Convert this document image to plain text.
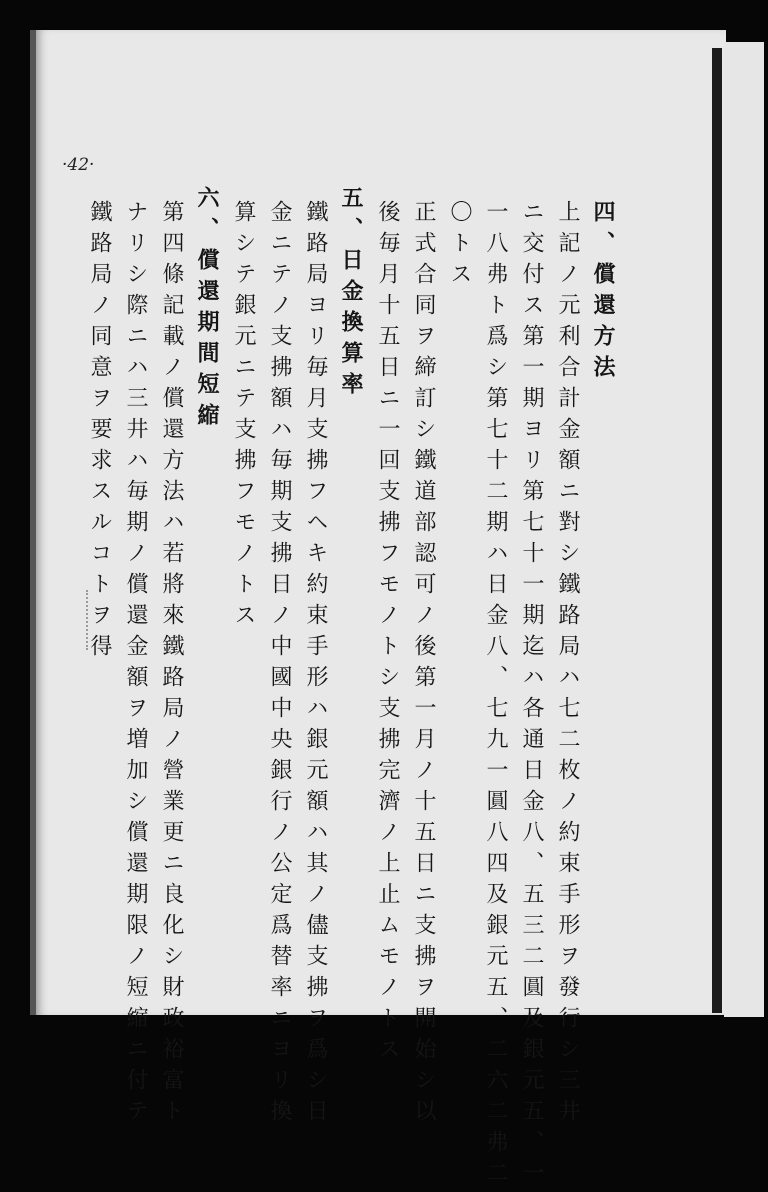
·42·
四、償還方法
上記ノ元利合計金額ニ對シ鐵路局ハ七二枚ノ約束手形ヲ發行シ三井
ニ交付ス第一期ヨリ第七十一期迄ハ各通日金八、五三二圓及銀元五、一
一八弗ト爲シ第七十二期ハ日金八、七九一圓八四及銀元五、二六二弗二
〇トス
正式合同ヲ締訂シ鐵道部認可ノ後第一月ノ十五日ニ支拂ヲ開始シ以
後毎月十五日ニ一回支拂フモノトシ支拂完濟ノ上止ムモノトス
五、日金換算率
鐵路局ヨリ毎月支拂フヘキ約束手形ハ銀元額ハ其ノ儘支拂ヲ爲シ日
金ニテノ支拂額ハ毎期支拂日ノ中國中央銀行ノ公定爲替率ニヨリ換
算シテ銀元ニテ支拂フモノトス
六、償還期間短縮
第四條記載ノ償還方法ハ若將來鐵路局ノ營業更ニ良化シ財政裕富ト
ナリシ際ニハ三井ハ毎期ノ償還金額ヲ増加シ償還期限ノ短縮ニ付テ
鐵路局ノ同意ヲ要求スルコトヲ得
